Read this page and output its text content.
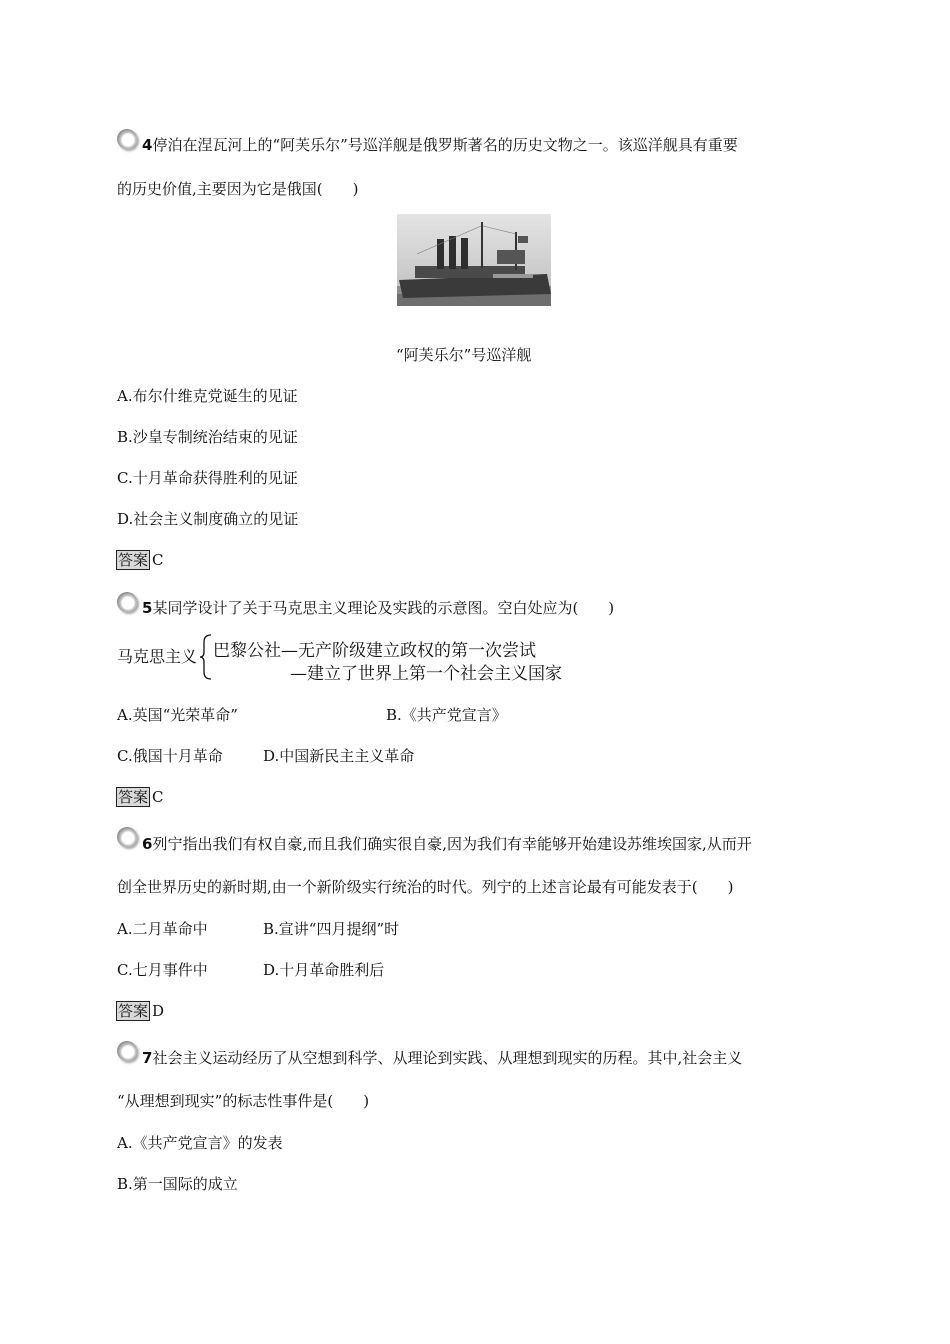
4停泊在涅瓦河上的“阿芙乐尔”号巡洋舰是俄罗斯著名的历史文物之一。该巡洋舰具有重要
的历史价值,主要因为它是俄国(　　)
“阿芙乐尔”号巡洋舰
A.布尔什维克党诞生的见证
B.沙皇专制统治结束的见证
C.十月革命获得胜利的见证
D.社会主义制度确立的见证
答案 C
5某同学设计了关于马克思主义理论及实践的示意图。空白处应为(　　)
马克思主义 巴黎公社—无产阶级建立政权的第一次尝试
—建立了世界上第一个社会主义国家
A.英国“光荣革命”	B.《共产党宣言》
C.俄国十月革命	D.中国新民主主义革命
答案 C
6列宁指出我们有权自豪,而且我们确实很自豪,因为我们有幸能够开始建设苏维埃国家,从而开
创全世界历史的新时期,由一个新阶级实行统治的时代。列宁的上述言论最有可能发表于(　　)
A.二月革命中	B.宣讲“四月提纲”时
C.七月事件中	D.十月革命胜利后
答案 D
7社会主义运动经历了从空想到科学、从理论到实践、从理想到现实的历程。其中,社会主义
“从理想到现实”的标志性事件是(　　)
A.《共产党宣言》的发表
B.第一国际的成立
